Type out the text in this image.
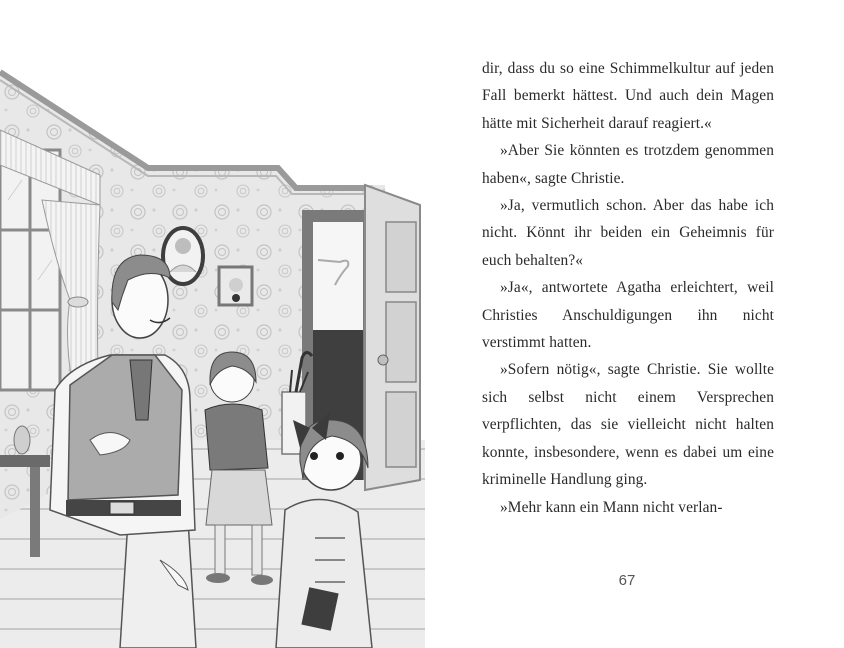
dir, dass du so eine Schimmelkultur auf jeden Fall bemerkt hättest. Und auch dein Magen hätte mit Sicherheit darauf reagiert.«

»Aber Sie könnten es trotzdem genommen haben«, sagte Christie.

»Ja, vermutlich schon. Aber das habe ich nicht. Könnt ihr beiden ein Geheimnis für euch behalten?«

»Ja«, antwortete Agatha erleichtert, weil Christies Anschuldigungen ihn nicht verstimmt hatten.

»Sofern nötig«, sagte Christie. Sie wollte sich selbst nicht einem Versprechen verpflichten, das sie vielleicht nicht halten konnte, insbesondere, wenn es dabei um eine kriminelle Handlung ging.

»Mehr kann ein Mann nicht verlan-

67
